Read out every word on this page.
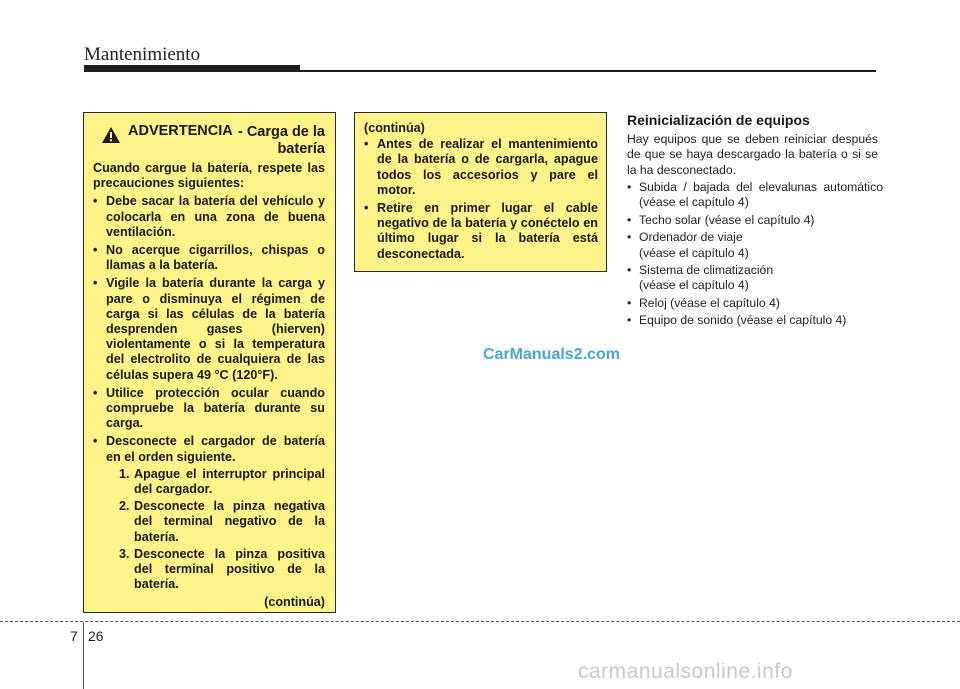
Mantenimiento
ADVERTENCIA - Carga de la batería

Cuando cargue la batería, respete las precauciones siguientes:

• Debe sacar la batería del vehículo y colocarla en una zona de buena ventilación.
• No acerque cigarrillos, chispas o llamas a la batería.
• Vigile la batería durante la carga y pare o disminuya el régimen de carga si las células de la batería desprenden gases (hierven) violentamente o si la temperatura del electrolito de cualquiera de las células supera 49 °C (120°F).
• Utilice protección ocular cuando compruebe la batería durante su carga.
• Desconecte el cargador de batería en el orden siguiente.
1. Apague el interruptor principal del cargador.
2. Desconecte la pinza negativa del terminal negativo de la batería.
3. Desconecte la pinza positiva del terminal positivo de la batería.
(continúa)
(continúa)
• Antes de realizar el mantenimiento de la batería o de cargarla, apague todos los accesorios y pare el motor.
• Retire en primer lugar el cable negativo de la batería y conéctelo en último lugar si la batería está desconectada.
Reinicialización de equipos
Hay equipos que se deben reiniciar después de que se haya descargado la batería o si se la ha desconectado.
• Subida / bajada del elevalunas automático (véase el capítulo 4)
• Techo solar (véase el capítulo 4)
• Ordenador de viaje
(véase el capítulo 4)
• Sistema de climatización
(véase el capítulo 4)
• Reloj (véase el capítulo 4)
• Equipo de sonido (véase el capítulo 4)
CarManuals2.com
7 26
carmanualsonline.info
